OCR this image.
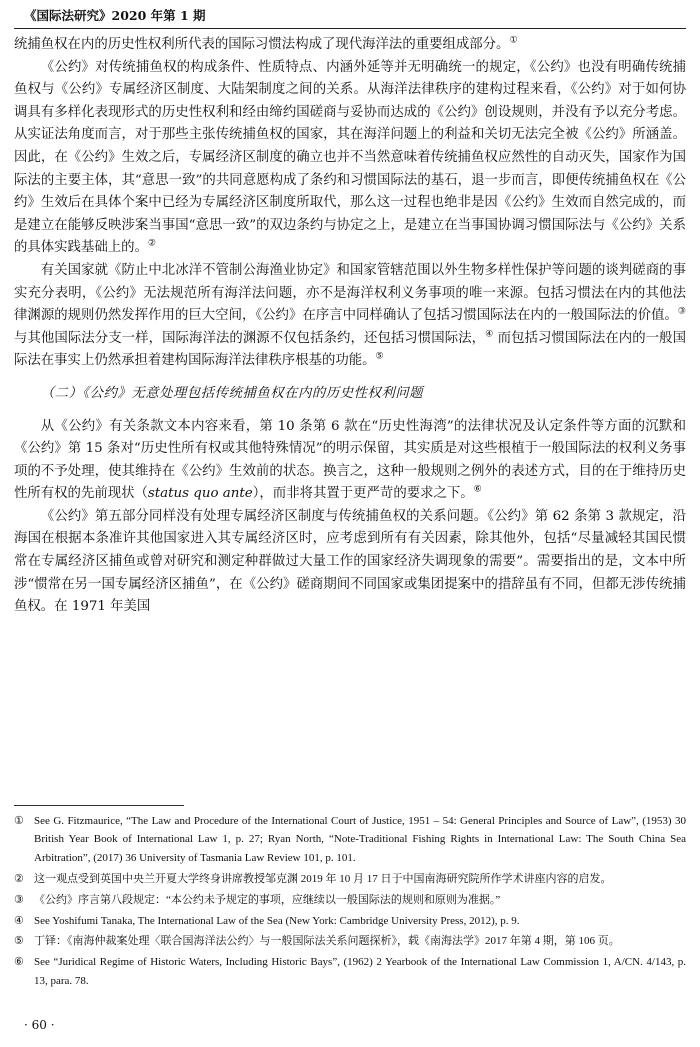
《国际法研究》2020 年第 1 期

统捕鱼权在内的历史性权利所代表的国际习惯法构成了现代海洋法的重要组成部分。①

《公约》对传统捕鱼权的构成条件、性质特点、内涵外延等并无明确统一的规定，《公约》也没有明确传统捕鱼权与《公约》专属经济区制度、大陆架制度之间的关系。从海洋法律秩序的建构过程来看，《公约》对于如何协调具有多样化表现形式的历史性权利和经由缔约国磋商与妥协而达成的《公约》创设规则，并没有予以充分考虑。从实证法角度而言，对于那些主张传统捕鱼权的国家，其在海洋问题上的利益和关切无法完全被《公约》所涵盖。因此，在《公约》生效之后，专属经济区制度的确立也并不当然意味着传统捕鱼权应然性的自动灭失，国家作为国际法的主要主体，其“意思一致”的共同意愿构成了条约和习惯国际法的基石，退一步而言，即便传统捕鱼权在《公约》生效后在具体个案中已经为专属经济区制度所取代，那么这一过程也绝非是因《公约》生效而自然完成的，而是建立在能够反映涉案当事国“意思一致”的双边条约与协定之上，是建立在当事国协调习惯国际法与《公约》关系的具体实践基础上的。②

有关国家就《防止中北冰洋不管制公海渔业协定》和国家管辖范围以外生物多样性保护等问题的谈判磋商的事实充分表明，《公约》无法规范所有海洋法问题，亦不是海洋权利义务事项的唯一来源。包括习惯法在内的其他法律渊源的规则仍然发挥作用的巨大空间，《公约》在序言中同样确认了包括习惯国际法在内的一般国际法的价值。③ 与其他国际法分支一样，国际海洋法的渊源不仅包括条约，还包括习惯国际法，④ 而包括习惯国际法在内的一般国际法在事实上仍然承担着建构国际海洋法律秩序根基的功能。⑤

（二）《公约》无意处理包括传统捕鱼权在内的历史性权利问题

从《公约》有关条款文本内容来看，第 10 条第 6 款在“历史性海湾”的法律状况及认定条件等方面的沉默和《公约》第 15 条对“历史性所有权或其他特殊情况”的明示保留，其实质是对这些根植于一般国际法的权利义务事项的不予处理，使其维持在《公约》生效前的状态。换言之，这种一般规则之例外的表述方式，目的在于维持历史性所有权的先前现状（status quo ante），而非将其置于更严苛的要求之下。⑥

《公约》第五部分同样没有处理专属经济区制度与传统捕鱼权的关系问题。《公约》第 62 条第 3 款规定，沿海国在根据本条准许其他国家进入其专属经济区时，应考虑到所有有关因素，除其他外，包括“尽量减轻其国民惯常在专属经济区捕鱼或曾对研究和测定种群做过大量工作的国家经济失调现象的需要”。需要指出的是，文本中所涉“惯常在另一国专属经济区捕鱼”，在《公约》磋商期间不同国家或集团提案中的措辞虽有不同，但都无涉传统捕鱼权。在 1971 年美国

① See G. Fitzmaurice, “The Law and Procedure of the International Court of Justice, 1951 – 54: General Principles and Source of Law”, (1953) 30 British Year Book of International Law 1, p. 27; Ryan North, “Note-Traditional Fishing Rights in International Law: The South China Sea Arbitration”, (2017) 36 University of Tasmania Law Review 101, p. 101.
② 这一观点受到英国中央兰开夏大学终身讲席教授邹克渊 2019 年 10 月 17 日于中国南海研究院所作学术讲座内容的启发。
③ 《公约》序言第八段规定：“本公约未予规定的事项，应继续以一般国际法的规则和原则为准据。”
④ See Yoshifumi Tanaka, The International Law of the Sea (New York: Cambridge University Press, 2012), p. 9.
⑤ 丁铎：《南海仲裁案处理〈联合国海洋法公约〉与一般国际法关系问题探析》，载《南海法学》2017 年第 4 期，第 106 页。
⑥ See “Juridical Regime of Historic Waters, Including Historic Bays”, (1962) 2 Yearbook of the International Law Commission 1, A/CN. 4/143, p. 13, para. 78.
· 60 ·
